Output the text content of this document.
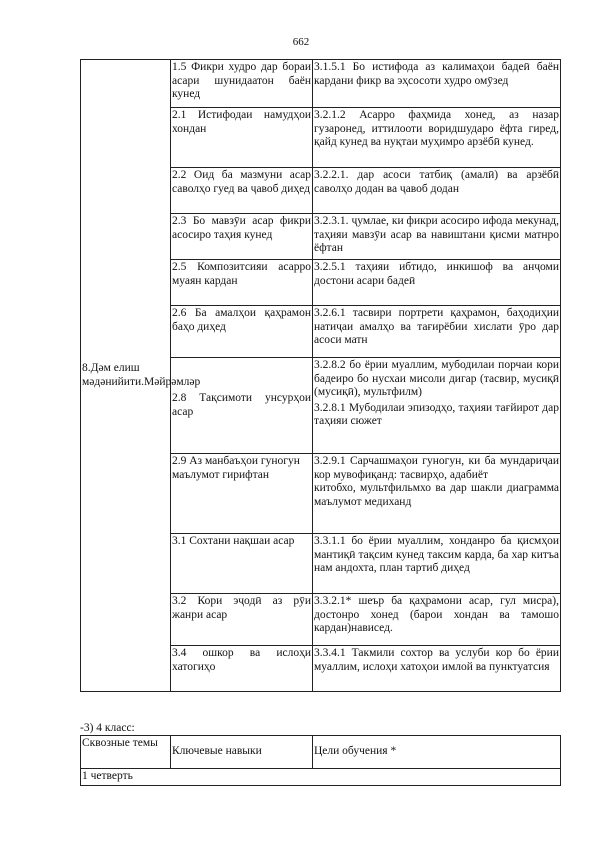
662
8.Дәм елиш мәдәнийити.Мәйрәмләр	1.5 Фикри худро дар бораи асари шунидаатон баён кунед	3.1.5.1 Бо истифода аз калимаҳои бадеӣ баён кардани фикр ва эҳсосоти худро омӯзед

	2.1 Истифодаи намудҳои хондан	3.2.1.2 Асарро фаҳмида хонед, аз назар гузаронед, иттилооти воридшударо ёфта гиред, қайд кунед ва нуқтаи муҳимро арзёбӣ кунед.

	2.2 Оид ба мазмуни асар саволҳо гуед ва ҷавоб диҳед	3.2.2.1. дар асоси татбиқ (амалӣ) ва арзёбӣ саволҳо додан ва ҷавоб додан

	2.3 Бо мавзӯи асар фикри асосиро таҳия кунед	3.2.3.1. ҷумлае, ки фикри асосиро ифода мекунад, таҳияи мавзӯи асар ва навиштани қисми матнро ёфтан

	2.5 Композитсияи асарро муаян кардан	3.2.5.1 таҳияи ибтидо, инкишоф ва анҷоми достони асари бадеӣ

	2.6 Ба амалҳои қаҳрамон баҳо диҳед	3.2.6.1 тасвири портрети қаҳрамон, баҳодиҳии натиҷаи амалҳо ва тағирёбии хислати ӯро дар асоси матн

	2.8 Тақсимоти унсурҳои асар	3.2.8.2 бо ёрии муаллим, мубодилаи порчаи кори бадеиро бо нусхаи мисоли дигар (тасвир, мусиқӣ (мусиқӣ), мультфилм)
3.2.8.1 Мубодилаи эпизодҳо, таҳияи тағйирот дар таҳияи сюжет

	2.9 Аз манбаъҳои гуногун
маълумот гирифтан	3.2.9.1 Сарчашмаҳои гуногун, ки ба мундариҷаи кор мувофиқанд: тасвирҳо, адабиёт
китобхо, мультфильмхо ва дар шакли диаграмма маълумот медиханд

	3.1 Сохтани нақшаи асар	3.3.1.1 бо ёрии муаллим, хонданро ба қисмҳои мантиқӣ тақсим кунед таксим карда, ба хар китъа нам андохта, план тартиб диҳед

	3.2 Кори эҷодӣ аз рӯи жанри асар	3.3.2.1* шеър ба қаҳрамони асар, гул мисра), достонро хонед (барои хондан ва тамошо кардан)нависед.

	3.4 ошкор ва ислоҳи хатогиҳо	3.3.4.1 Такмили сохтор ва услуби кор бо ёрии муаллим, ислоҳи хатоҳои имлой ва пунктуатсия
-3) 4 класс:
Сквозные темы	Ключевые навыки	Цели обучения *
1 четверть
